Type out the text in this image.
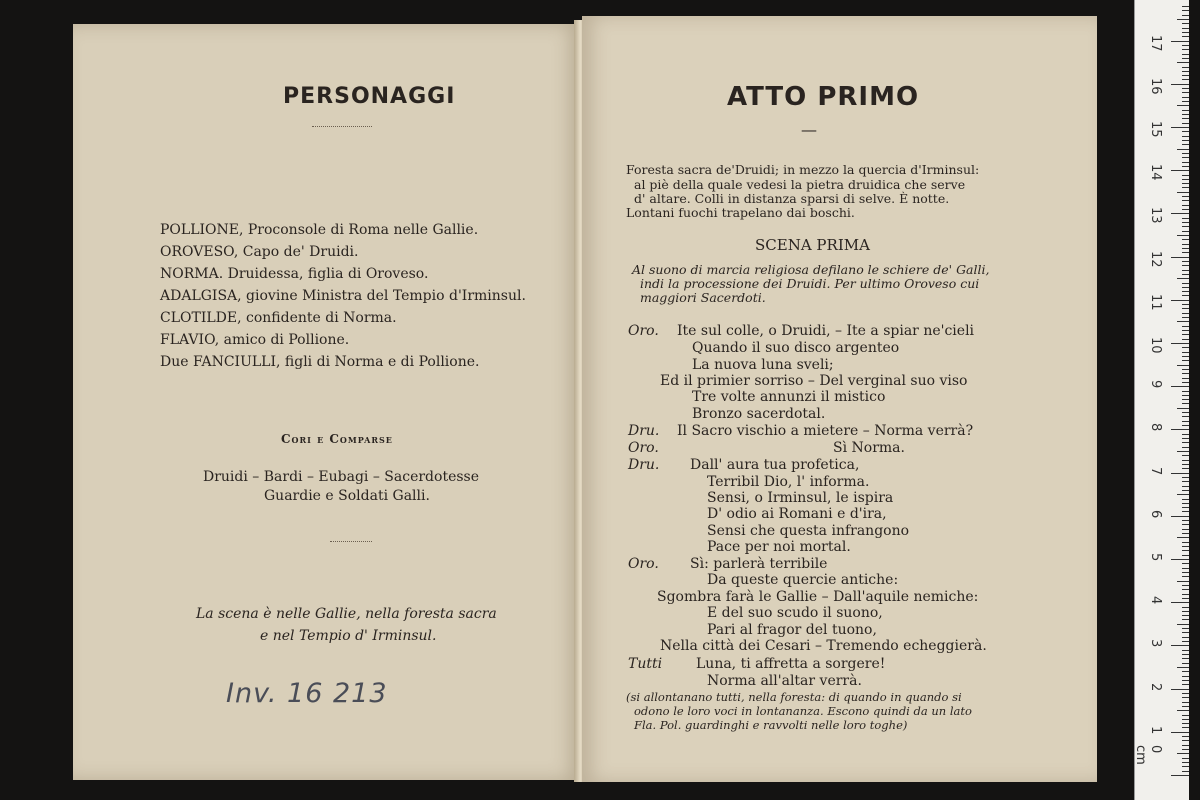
PERSONAGGI
POLLIONE, Proconsole di Roma nelle Gallie.
OROVESO, Capo de' Druidi.
NORMA. Druidessa, figlia di Oroveso.
ADALGISA, giovine Ministra del Tempio d'Irminsul.
CLOTILDE, confidente di Norma.
FLAVIO, amico di Pollione.
Due FANCIULLI, figli di Norma e di Pollione.
Cori e Comparse
Druidi – Bardi – Eubagi – Sacerdotesse
Guardie e Soldati Galli.
La scena è nelle Gallie, nella foresta sacra
e nel Tempio d' Irminsul.
Inv. 16 213
ATTO PRIMO
—
Foresta sacra de'Druidi; in mezzo la quercia d'Irminsul:
al piè della quale vedesi la pietra druidica che serve
d' altare. Colli in distanza sparsi di selve. È notte.
Lontani fuochi trapelano dai boschi.
SCENA PRIMA
Al suono di marcia religiosa defilano le schiere de' Galli,
indi la processione dei Druidi. Per ultimo Oroveso cui
maggiori Sacerdoti.
Oro. Ite sul colle, o Druidi, – Ite a spiar ne'cieli
Quando il suo disco argenteo
La nuova luna sveli;
Ed il primier sorriso – Del verginal suo viso
Tre volte annunzi il mistico
Bronzo sacerdotal.
Dru. Il Sacro vischio a mietere – Norma verrà?
Oro.	Sì Norma.
Dru. Dall' aura tua profetica,
Terribil Dio, l' informa.
Sensi, o Irminsul, le ispira
D' odio ai Romani e d'ira,
Sensi che questa infrangono
Pace per noi mortal.
Oro. Sì: parlerà terribile
Da queste quercie antiche:
Sgombra farà le Gallie – Dall'aquile nemiche:
E del suo scudo il suono,
Pari al fragor del tuono,
Nella città dei Cesari – Tremendo echeggierà.
Tutti Luna, ti affretta a sorgere!
Norma all'altar verrà.
(si allontanano tutti, nella foresta: di quando in quando si
odono le loro voci in lontananza. Escono quindi da un lato
Fla. Pol. guardinghi e ravvolti nelle loro toghe)
0 cm
1
2
3
4
5
6
7
8
9
10
11
12
13
14
15
16
17
